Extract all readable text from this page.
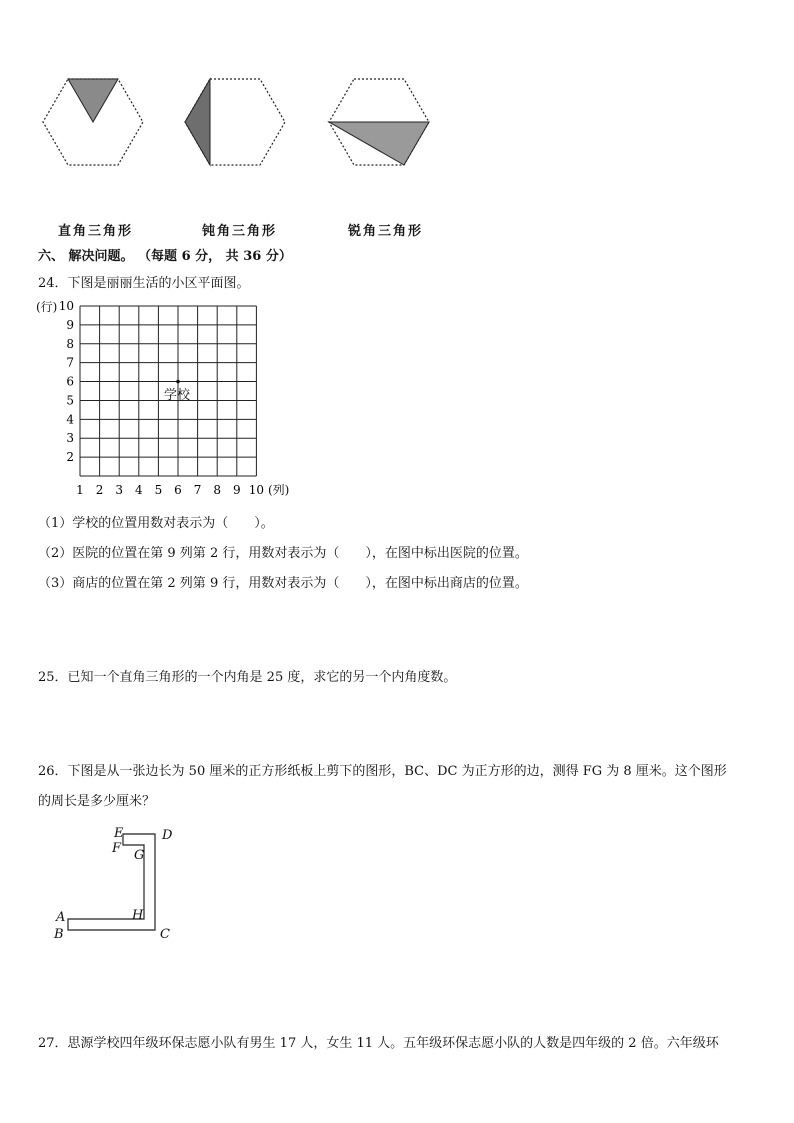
直角三角形	钝角三角形	锐角三角形
六、 解决问题。 （每题 6 分， 共 36 分）
24．下图是丽丽生活的小区平面图。
10
9
8
7
6
5
4
3
2
1 2 3 4 5 6 7 8 9 10
(行)
(列)
学校
（1）学校的位置用数对表示为（　　）。
（2）医院的位置在第 9 列第 2 行，用数对表示为（　　），在图中标出医院的位置。
（3）商店的位置在第 2 列第 9 行，用数对表示为（　　），在图中标出商店的位置。
25．已知一个直角三角形的一个内角是 25 度，求它的另一个内角度数。
26．下图是从一张边长为 50 厘米的正方形纸板上剪下的图形，BC、DC 为正方形的边，测得 FG 为 8 厘米。这个图形
的周长是多少厘米？
E	D
F G
A	H
B	C
27．思源学校四年级环保志愿小队有男生 17 人，女生 11 人。五年级环保志愿小队的人数是四年级的 2 倍。六年级环
